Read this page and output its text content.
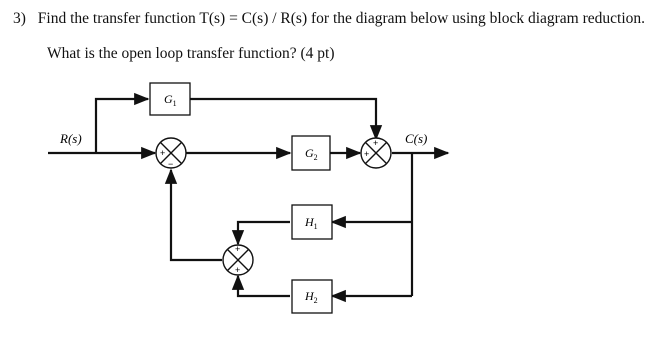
3) Find the transfer function T(s) = C(s) / R(s) for the diagram below using block diagram reduction.
What is the open loop transfer function? (4 pt)
+
−
+
+
+
+
R(s)	C(s)
$G_1$
$G_2$
$H_1$
$H_2$
